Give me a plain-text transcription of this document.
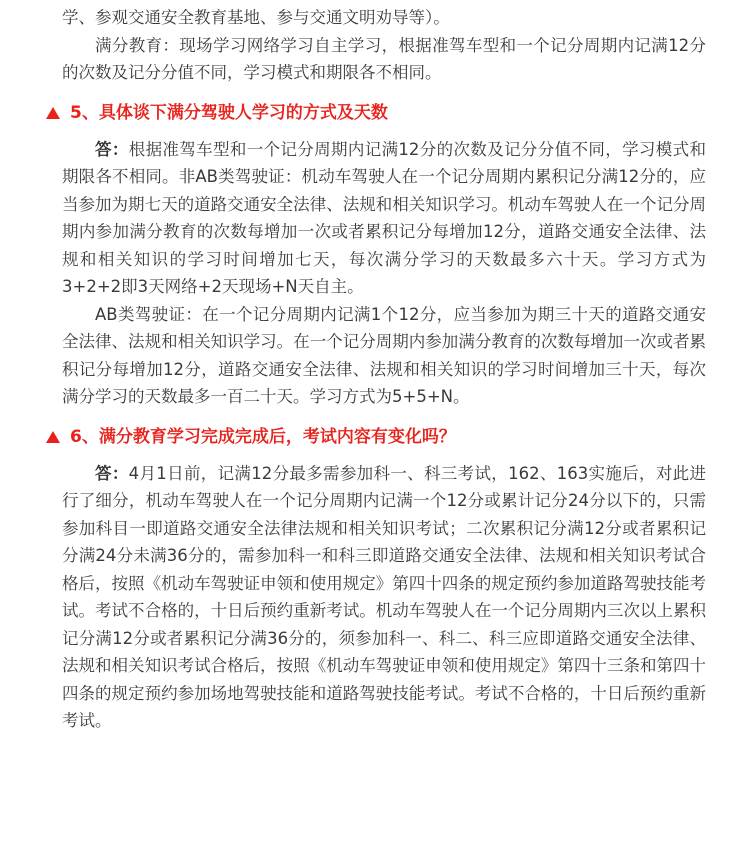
学、参观交通安全教育基地、参与交通文明劝导等）。

满分教育：现场学习网络学习自主学习，根据准驾车型和一个记分周期内记满12分的次数及记分分值不同，学习模式和期限各不相同。

5、具体谈下满分驾驶人学习的方式及天数

答：根据准驾车型和一个记分周期内记满12分的次数及记分分值不同，学习模式和期限各不相同。非AB类驾驶证：机动车驾驶人在一个记分周期内累积记分满12分的，应当参加为期七天的道路交通安全法律、法规和相关知识学习。机动车驾驶人在一个记分周期内参加满分教育的次数每增加一次或者累积记分每增加12分，道路交通安全法律、法规和相关知识的学习时间增加七天，每次满分学习的天数最多六十天。学习方式为3+2+2即3天网络+2天现场+N天自主。

AB类驾驶证：在一个记分周期内记满1个12分，应当参加为期三十天的道路交通安全法律、法规和相关知识学习。在一个记分周期内参加满分教育的次数每增加一次或者累积记分每增加12分，道路交通安全法律、法规和相关知识的学习时间增加三十天，每次满分学习的天数最多一百二十天。学习方式为5+5+N。

6、满分教育学习完成完成后，考试内容有变化吗？

答：4月1日前，记满12分最多需参加科一、科三考试，162、163实施后，对此进行了细分，机动车驾驶人在一个记分周期内记满一个12分或累计记分24分以下的，只需参加科目一即道路交通安全法律法规和相关知识考试；二次累积记分满12分或者累积记分满24分未满36分的，需参加科一和科三即道路交通安全法律、法规和相关知识考试合格后，按照《机动车驾驶证申领和使用规定》第四十四条的规定预约参加道路驾驶技能考试。考试不合格的，十日后预约重新考试。机动车驾驶人在一个记分周期内三次以上累积记分满12分或者累积记分满36分的，须参加科一、科二、科三应即道路交通安全法律、法规和相关知识考试合格后，按照《机动车驾驶证申领和使用规定》第四十三条和第四十四条的规定预约参加场地驾驶技能和道路驾驶技能考试。考试不合格的，十日后预约重新考试。
